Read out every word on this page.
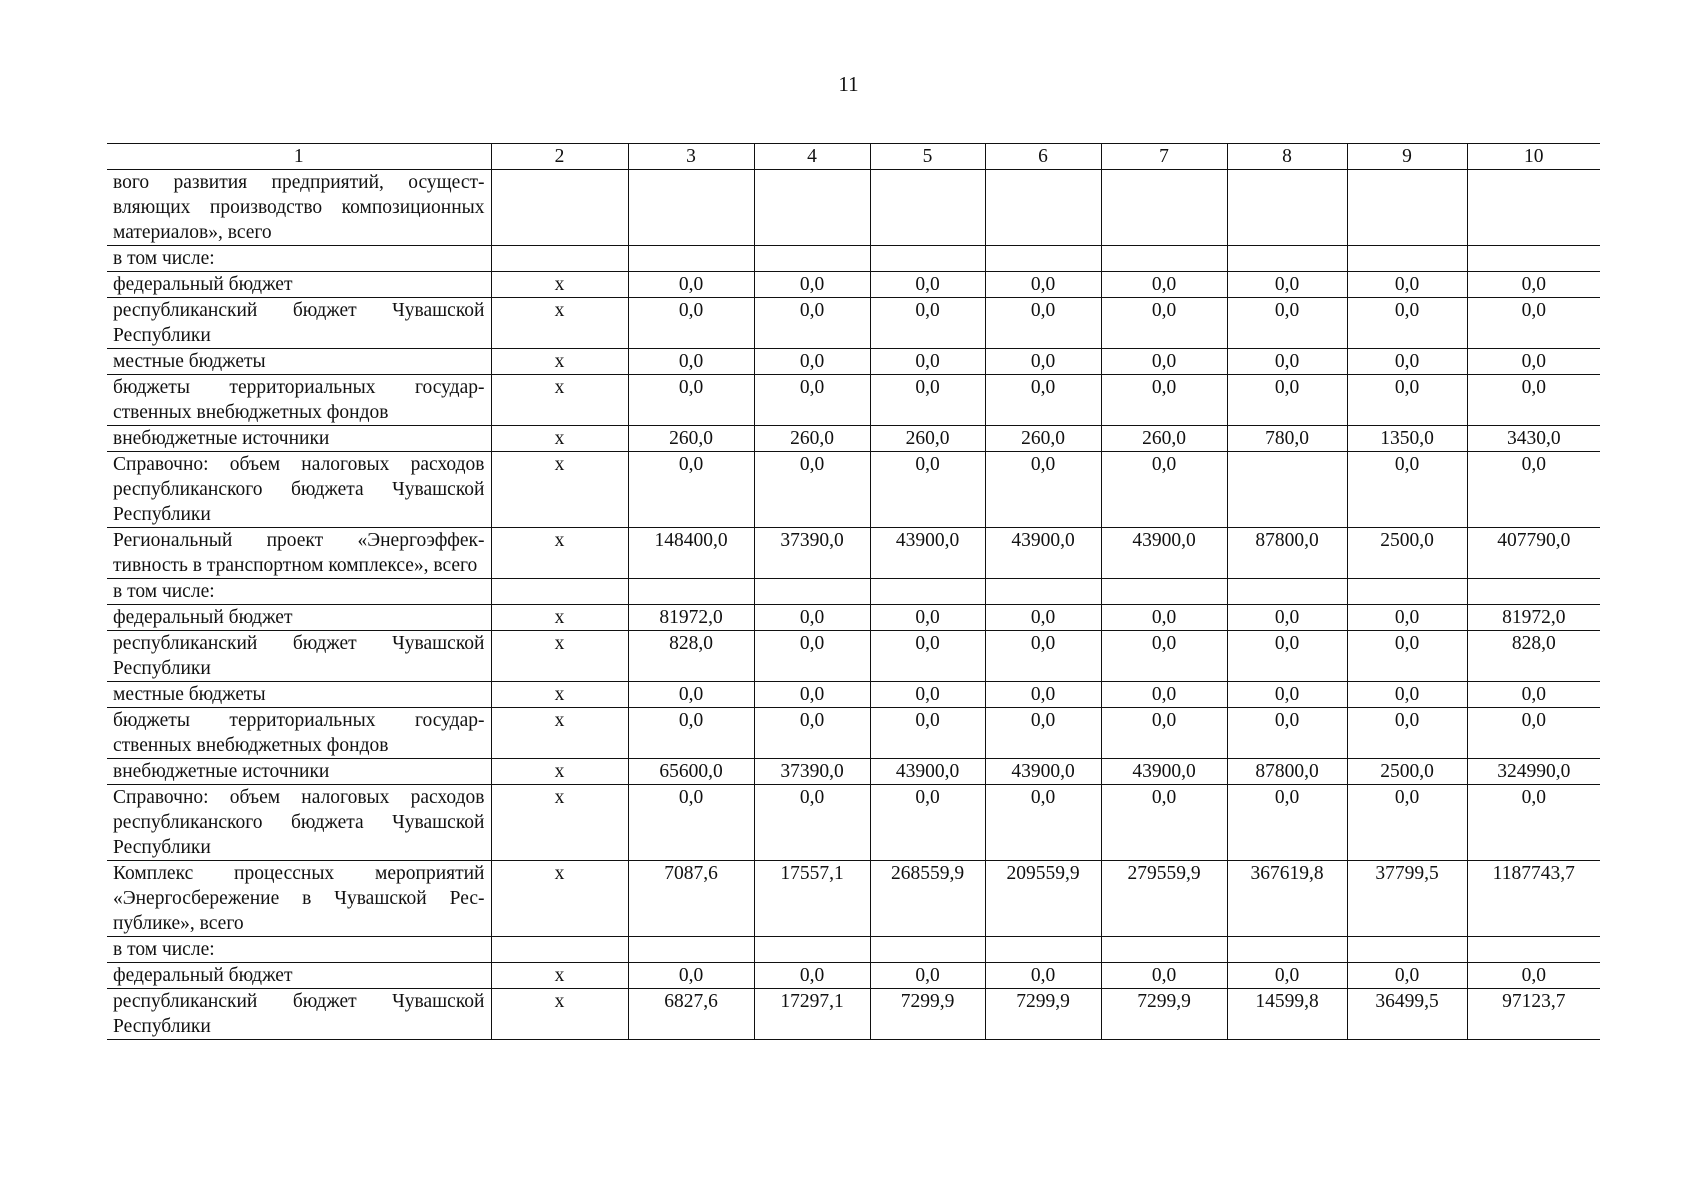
11
1	2	3	4	5	6	7	8	9	10
вого развития предприятий, осуществляющих производство композиционных материалов», всего									
в том числе:									
федеральный бюджет	х	0,0	0,0	0,0	0,0	0,0	0,0	0,0	0,0
республиканский бюджет Чувашской Республики	х	0,0	0,0	0,0	0,0	0,0	0,0	0,0	0,0
местные бюджеты	х	0,0	0,0	0,0	0,0	0,0	0,0	0,0	0,0
бюджеты территориальных государственных внебюджетных фондов	х	0,0	0,0	0,0	0,0	0,0	0,0	0,0	0,0
внебюджетные источники	х	260,0	260,0	260,0	260,0	260,0	780,0	1350,0	3430,0
Справочно: объем налоговых расходов республиканского бюджета Чувашской Республики	х	0,0	0,0	0,0	0,0	0,0		0,0	0,0
Региональный проект «Энергоэффективность в транспортном комплексе», всего	х	148400,0	37390,0	43900,0	43900,0	43900,0	87800,0	2500,0	407790,0
в том числе:									
федеральный бюджет	х	81972,0	0,0	0,0	0,0	0,0	0,0	0,0	81972,0
республиканский бюджет Чувашской Республики	х	828,0	0,0	0,0	0,0	0,0	0,0	0,0	828,0
местные бюджеты	х	0,0	0,0	0,0	0,0	0,0	0,0	0,0	0,0
бюджеты территориальных государственных внебюджетных фондов	х	0,0	0,0	0,0	0,0	0,0	0,0	0,0	0,0
внебюджетные источники	х	65600,0	37390,0	43900,0	43900,0	43900,0	87800,0	2500,0	324990,0
Справочно: объем налоговых расходов республиканского бюджета Чувашской Республики	х	0,0	0,0	0,0	0,0	0,0	0,0	0,0	0,0
Комплекс процессных мероприятий «Энергосбережение в Чувашской Республике», всего	х	7087,6	17557,1	268559,9	209559,9	279559,9	367619,8	37799,5	1187743,7
в том числе:									
федеральный бюджет	х	0,0	0,0	0,0	0,0	0,0	0,0	0,0	0,0
республиканский бюджет Чувашской Республики	х	6827,6	17297,1	7299,9	7299,9	7299,9	14599,8	36499,5	97123,7
